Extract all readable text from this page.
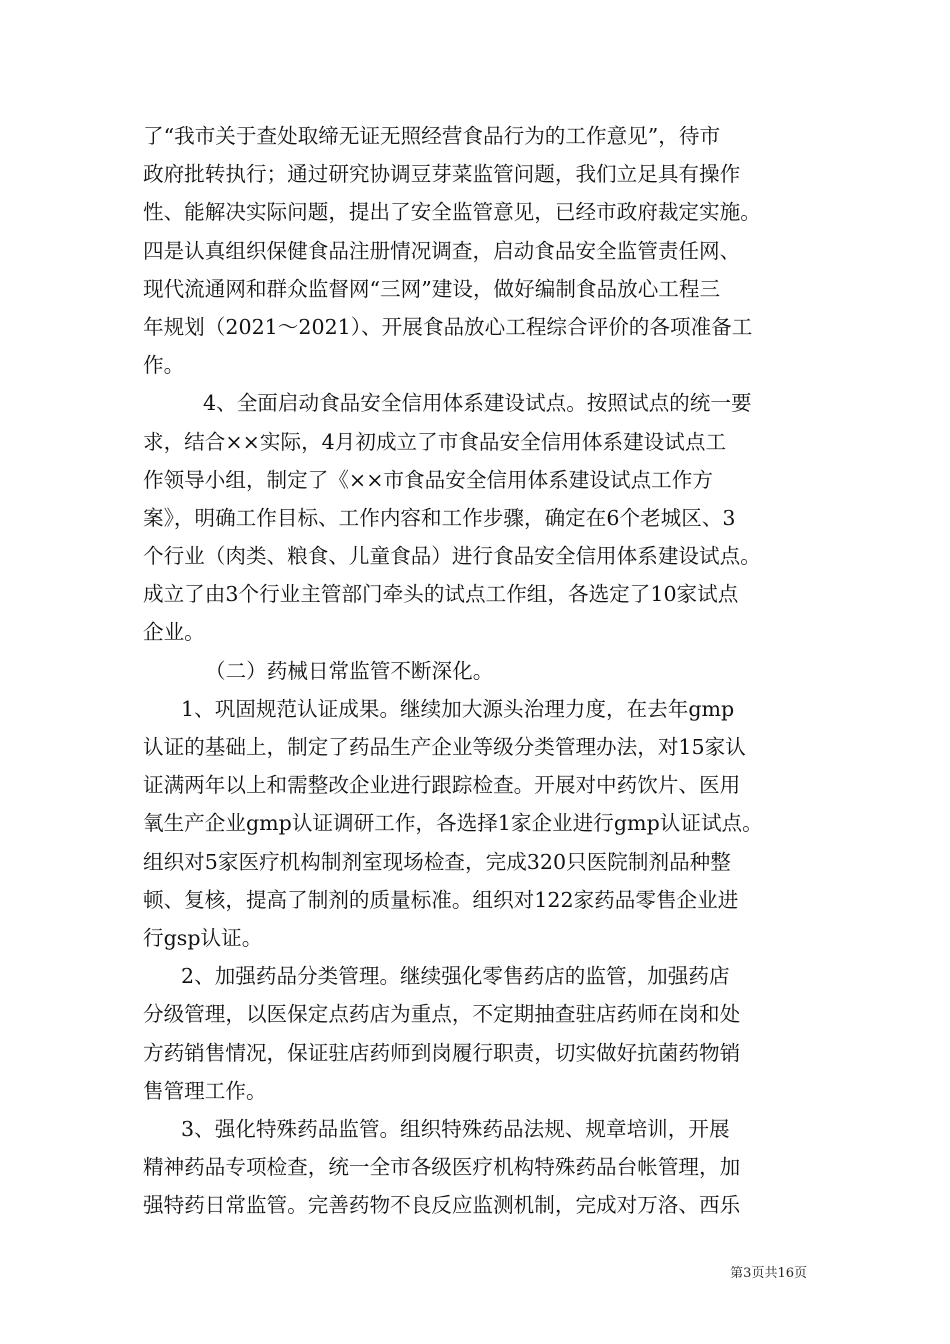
了“我市关于查处取缔无证无照经营食品行为的工作意见”，待市
政府批转执行；通过研究协调豆芽菜监管问题，我们立足具有操作
性、能解决实际问题，提出了安全监管意见，已经市政府裁定实施。
四是认真组织保健食品注册情况调查，启动食品安全监管责任网、
现代流通网和群众监督网“三网”建设，做好编制食品放心工程三
年规划（2021～2021）、开展食品放心工程综合评价的各项准备工
作。
4、全面启动食品安全信用体系建设试点。按照试点的统一要
求，结合××实际，4月初成立了市食品安全信用体系建设试点工
作领导小组，制定了《××市食品安全信用体系建设试点工作方
案》，明确工作目标、工作内容和工作步骤，确定在6个老城区、3
个行业（肉类、粮食、儿童食品）进行食品安全信用体系建设试点。
成立了由3个行业主管部门牵头的试点工作组，各选定了10家试点
企业。
（二）药械日常监管不断深化。
1、巩固规范认证成果。继续加大源头治理力度，在去年gmp
认证的基础上，制定了药品生产企业等级分类管理办法，对15家认
证满两年以上和需整改企业进行跟踪检查。开展对中药饮片、医用
氧生产企业gmp认证调研工作，各选择1家企业进行gmp认证试点。
组织对5家医疗机构制剂室现场检查，完成320只医院制剂品种整
顿、复核，提高了制剂的质量标准。组织对122家药品零售企业进
行gsp认证。
2、加强药品分类管理。继续强化零售药店的监管，加强药店
分级管理，以医保定点药店为重点，不定期抽查驻店药师在岗和处
方药销售情况，保证驻店药师到岗履行职责，切实做好抗菌药物销
售管理工作。
3、强化特殊药品监管。组织特殊药品法规、规章培训，开展
精神药品专项检查，统一全市各级医疗机构特殊药品台帐管理，加
强特药日常监管。完善药物不良反应监测机制，完成对万洛、西乐
第3页共16页
